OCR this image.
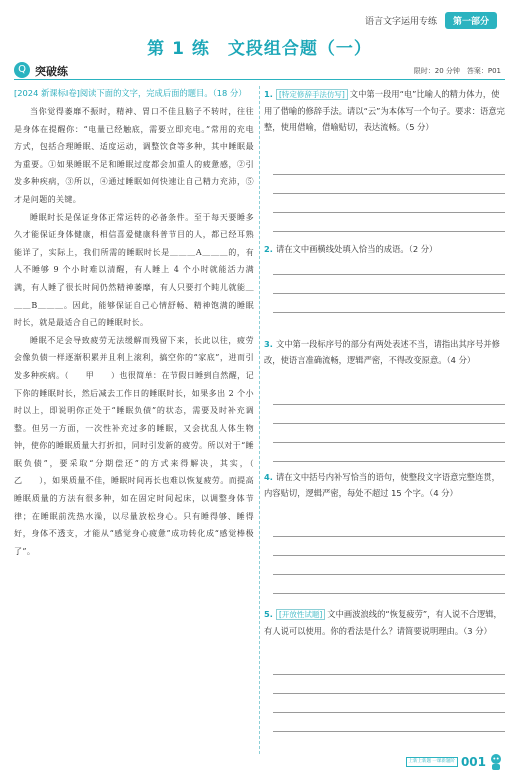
语言文字运用专练	第一部分
第 1 练　文段组合题（一）
Q 突破练	限时：20 分钟　答案：P01
[2024 新课标Ⅰ卷]阅读下面的文字，完成后面的题目。（18 分）

当你觉得萎靡不振时，精神、胃口不佳且脑子不转时，往往是身体在提醒你：“电量已经触底，需要立即充电。”常用的充电方式，包括合理睡眠、适度运动，调整饮食等多种，其中睡眠最为重要。①如果睡眠不足和睡眠过度都会加重人的疲惫感，②引发多种疾病，③所以，④通过睡眠如何快速让自己精力充沛，⑤才是问题的关键。

睡眠时长是保证身体正常运转的必备条件。至于每天要睡多久才能保证身体健康，相信喜爱健康科普节目的人，都已经耳熟能详了，实际上，我们所需的睡眠时长是＿＿＿A＿＿＿的，有人不睡够 9 个小时难以清醒，有人睡上 4 个小时就能活力满满，有人睡了很长时间仍然精神萎靡，有人只要打个盹儿就能＿＿＿B＿＿＿。因此，能够保证自己心情舒畅、精神饱满的睡眠时长，就是最适合自己的睡眠时长。

睡眠不足会导致疲劳无法缓解而残留下来，长此以往，疲劳会像负债一样逐渐积累并且利上滚利，搞空你的“家底”，进而引发多种疾病。（　　甲　　）也很简单：在节假日睡到自然醒，记下你的睡眠时长，然后减去工作日的睡眠时长，如果多出 2 个小时以上，即说明你正处于“睡眠负债”的状态，需要及时补充调整。但另一方面，一次性补充过多的睡眠，又会扰乱人体生物钟，使你的睡眠质量大打折扣，同时引发新的疲劳。所以对于“睡眠负债”，要采取“分期偿还”的方式来得解决，其实，（　　乙　　），如果质量不佳，睡眠时间再长也难以恢复疲劳。而提高睡眠质量的方法有很多种，如在固定时间起床，以调整身体节律；在睡眠前洗热水澡，以尽量放松身心。只有睡得够、睡得好，身体不透支，才能从“感觉身心疲惫”成功转化成“感觉棒极了”。

1. [特定修辞手法仿写] 文中第一段用“电”比喻人的精力体力，使用了借喻的修辞手法。请以“云”为本体写一个句子。要求：语意完整，使用借喻，借喻贴切，表达流畅。（5 分）
2. 请在文中画横线处填入恰当的成语。（2 分）
3. 文中第一段标序号的部分有两处表述不当，请指出其序号并修改，使语言准确流畅，逻辑严密，不得改变原意。（4 分）
4. 请在文中括号内补写恰当的语句，使整段文字语意完整连贯，内容贴切，逻辑严密，每处不超过 15 个字。（4 分）
5. [开放性试题] 文中画波浪线的“恢复疲劳”，有人说不合逻辑，有人说可以使用。你的看法是什么？请简要说明理由。（3 分）
上新上新题 一课新题阶 001
